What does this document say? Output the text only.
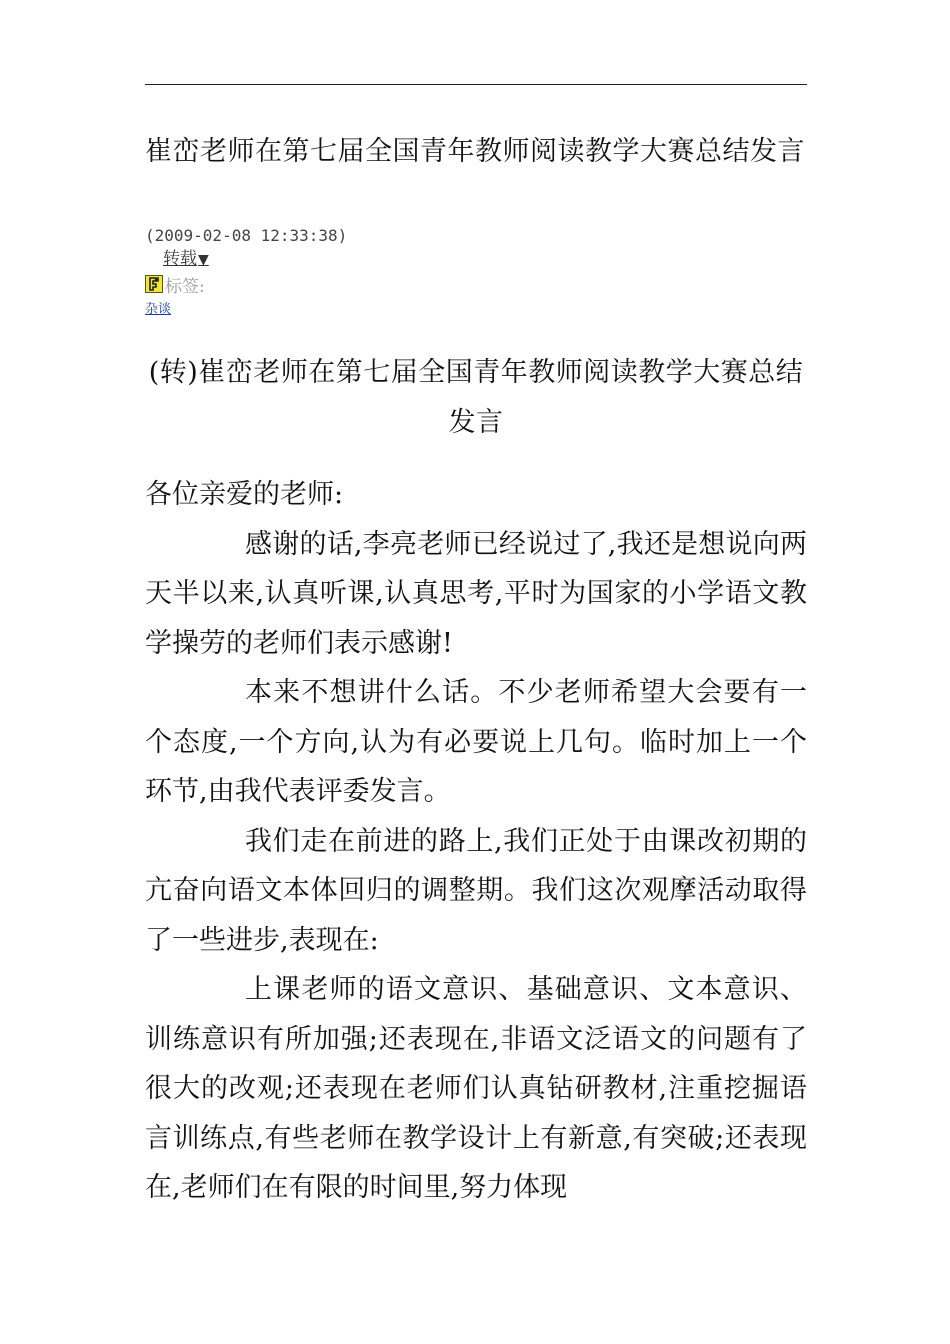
崔峦老师在第七届全国青年教师阅读教学大赛总结发言
(2009-02-08 12:33:38)
转载▼
标签:
杂谈
(转)崔峦老师在第七届全国青年教师阅读教学大赛总结发言

各位亲爱的老师:

感谢的话,李亮老师已经说过了,我还是想说向两天半以来,认真听课,认真思考,平时为国家的小学语文教学操劳的老师们表示感谢!

本来不想讲什么话。不少老师希望大会要有一个态度,一个方向,认为有必要说上几句。临时加上一个环节,由我代表评委发言。

我们走在前进的路上,我们正处于由课改初期的亢奋向语文本体回归的调整期。我们这次观摩活动取得了一些进步,表现在:

上课老师的语文意识、基础意识、文本意识、训练意识有所加强;还表现在,非语文泛语文的问题有了很大的改观;还表现在老师们认真钻研教材,注重挖掘语言训练点,有些老师在教学设计上有新意,有突破;还表现在,老师们在有限的时间里,努力体现
